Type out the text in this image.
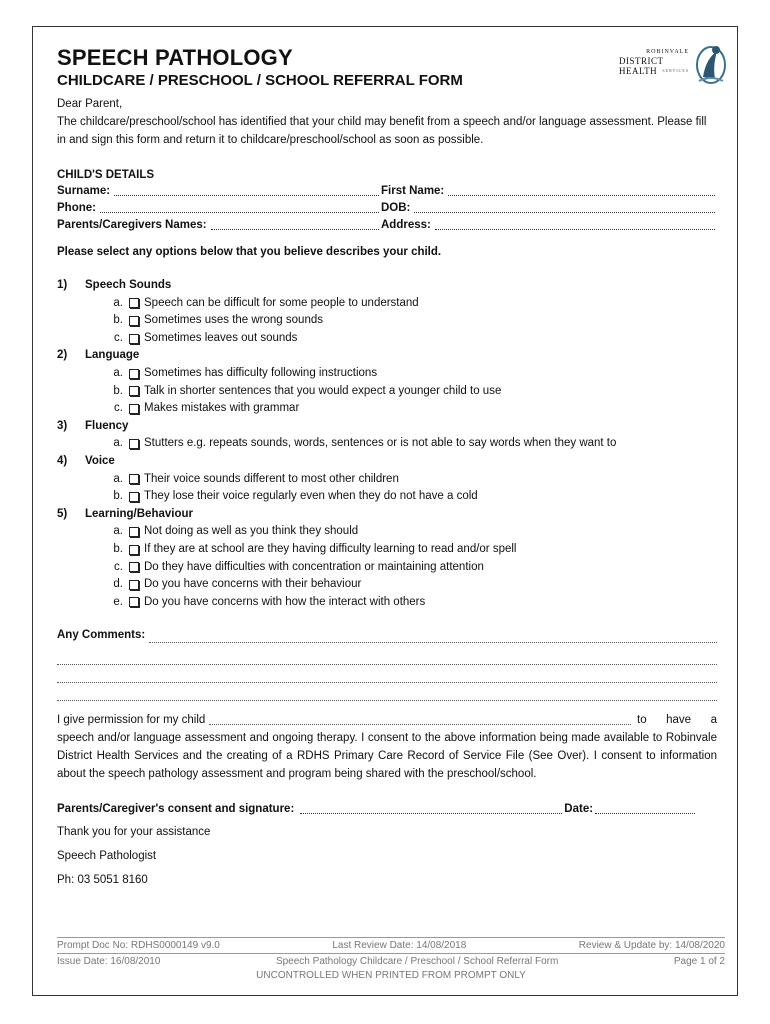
ROBINVALE
DISTRICT HEALTH	SERVICES
SPEECH PATHOLOGY
CHILDCARE / PRESCHOOL / SCHOOL REFERRAL FORM

Dear Parent,

The childcare/preschool/school has identified that your child may benefit from a speech and/or language assessment. Please fill in and sign this form and return it to childcare/preschool/school as soon as possible.

CHILD'S DETAILS
Surname:	First Name:
Phone:	DOB:
Parents/Caregivers Names:	Address:
Please select any options below that you believe describes your child.
1)	Speech Sounds
a. Speech can be difficult for some people to understand
b. Sometimes uses the wrong sounds
c. Sometimes leaves out sounds
2)	Language
a. Sometimes has difficulty following instructions
b. Talk in shorter sentences that you would expect a younger child to use
c. Makes mistakes with grammar
3)	Fluency
a. Stutters e.g. repeats sounds, words, sentences or is not able to say words when they want to
4)	Voice
a. Their voice sounds different to most other children
b. They lose their voice regularly even when they do not have a cold
5)	Learning/Behaviour
a. Not doing as well as you think they should
b. If they are at school are they having difficulty learning to read and/or spell
c. Do they have difficulties with concentration or maintaining attention
d. Do you have concerns with their behaviour
e. Do you have concerns with how the interact with others
Any Comments:
I give permission for my child	to have a
speech and/or language assessment and ongoing therapy. I consent to the above information being made available to Robinvale District Health Services and the creating of a RDHS Primary Care Record of Service File (See Over). I consent to information about the speech pathology assessment and program being shared with the preschool/school.
Parents/Caregiver's consent and signature:	Date:
Thank you for your assistance
Speech Pathologist
Ph: 03 5051 8160
Prompt Doc No: RDHS0000149 v9.0	Last Review Date: 14/08/2018	Review & Update by: 14/08/2020
Issue Date: 16/08/2010	Speech Pathology Childcare / Preschool / School Referral Form	Page 1 of 2
UNCONTROLLED WHEN PRINTED FROM PROMPT ONLY
